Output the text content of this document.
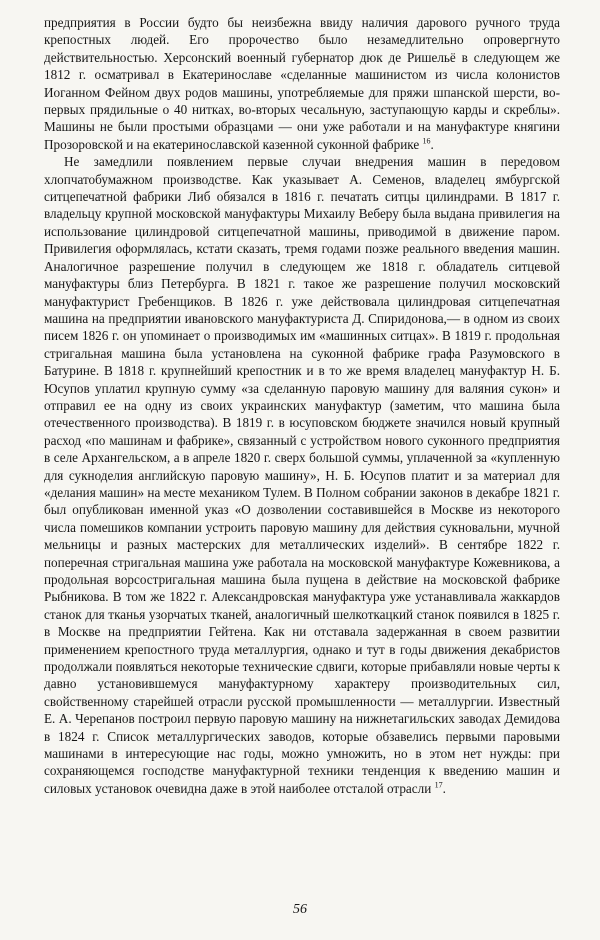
предприятия в России будто бы неизбежна ввиду наличия дарового ручного труда крепостных людей. Его пророчество было незамедлительно опровергнуто действительностью. Херсонский военный губернатор дюк де Ришельё в следующем же 1812 г. осматривал в Екатеринославе «сделанные машинистом из числа колонистов Иоганном Фейном двух родов машины, употребляемые для пряжи шпанской шерсти, во-первых прядильные о 40 нитках, во-вторых чесальную, заступающую карды и скреблы». Машины не были простыми образцами — они уже работали и на мануфактуре княгини Прозоровской и на екатеринославской казенной суконной фабрике $^{16}$.

Не замедлили появлением первые случаи внедрения машин в передовом хлопчатобумажном производстве. Как указывает А. Семенов, владелец ямбургской ситцепечатной фабрики Либ обязался в 1816 г. печатать ситцы цилиндрами. В 1817 г. владельцу крупной московской мануфактуры Михаилу Веберу была выдана привилегия на использование цилиндровой ситцепечатной машины, приводимой в движение паром. Привилегия оформлялась, кстати сказать, тремя годами позже реального введения машин. Аналогичное разрешение получил в следующем же 1818 г. обладатель ситцевой мануфактуры близ Петербурга. В 1821 г. такое же разрешение получил московский мануфактурист Гребенщиков. В 1826 г. уже действовала цилиндровая ситцепечатная машина на предприятии ивановского мануфактуриста Д. Спиридонова,— в одном из своих писем 1826 г. он упоминает о производимых им «машинных ситцах». В 1819 г. продольная стригальная машина была установлена на суконной фабрике графа Разумовского в Батурине. В 1818 г. крупнейший крепостник и в то же время владелец мануфактур Н. Б. Юсупов уплатил крупную сумму «за сделанную паровую машину для валяния сукон» и отправил ее на одну из своих украинских мануфактур (заметим, что машина была отечественного производства). В 1819 г. в юсуповском бюджете значился новый крупный расход «по машинам и фабрике», связанный с устройством нового суконного предприятия в селе Архангельском, а в апреле 1820 г. сверх большой суммы, уплаченной за «купленную для сукноделия английскую паровую машину», Н. Б. Юсупов платит и за материал для «делания машин» на месте механиком Тулем. В Полном собрании законов в декабре 1821 г. был опубликован именной указ «О дозволении составившейся в Москве из некоторого числа помешиков компании устроить паровую машину для действия сукновальни, мучной мельницы и разных мастерских для металлических изделий». В сентябре 1822 г. поперечная стригальная машина уже работала на московской мануфактуре Кожевникова, а продольная ворсостригальная машина была пущена в действие на московской фабрике Рыбникова. В том же 1822 г. Александровская мануфактура уже устанавливала жаккардов станок для тканья узорчатых тканей, аналогичный шелкоткацкий станок появился в 1825 г. в Москве на предприятии Гейтена. Как ни отставала задержанная в своем развитии применением крепостного труда металлургия, однако и тут в годы движения декабристов продолжали появляться некоторые технические сдвиги, которые прибавляли новые черты к давно установившемуся мануфактурному характеру производительных сил, свойственному старейшей отрасли русской промышленности — металлургии. Известный Е. А. Черепанов построил первую паровую машину на нижнетагильских заводах Демидова в 1824 г. Список металлургических заводов, которые обзавелись первыми паровыми машинами в интересующие нас годы, можно умножить, но в этом нет нужды: при сохраняющемся господстве мануфактурной техники тенденция к введению машин и силовых установок очевидна даже в этой наиболее отсталой отрасли $^{17}$.

56
